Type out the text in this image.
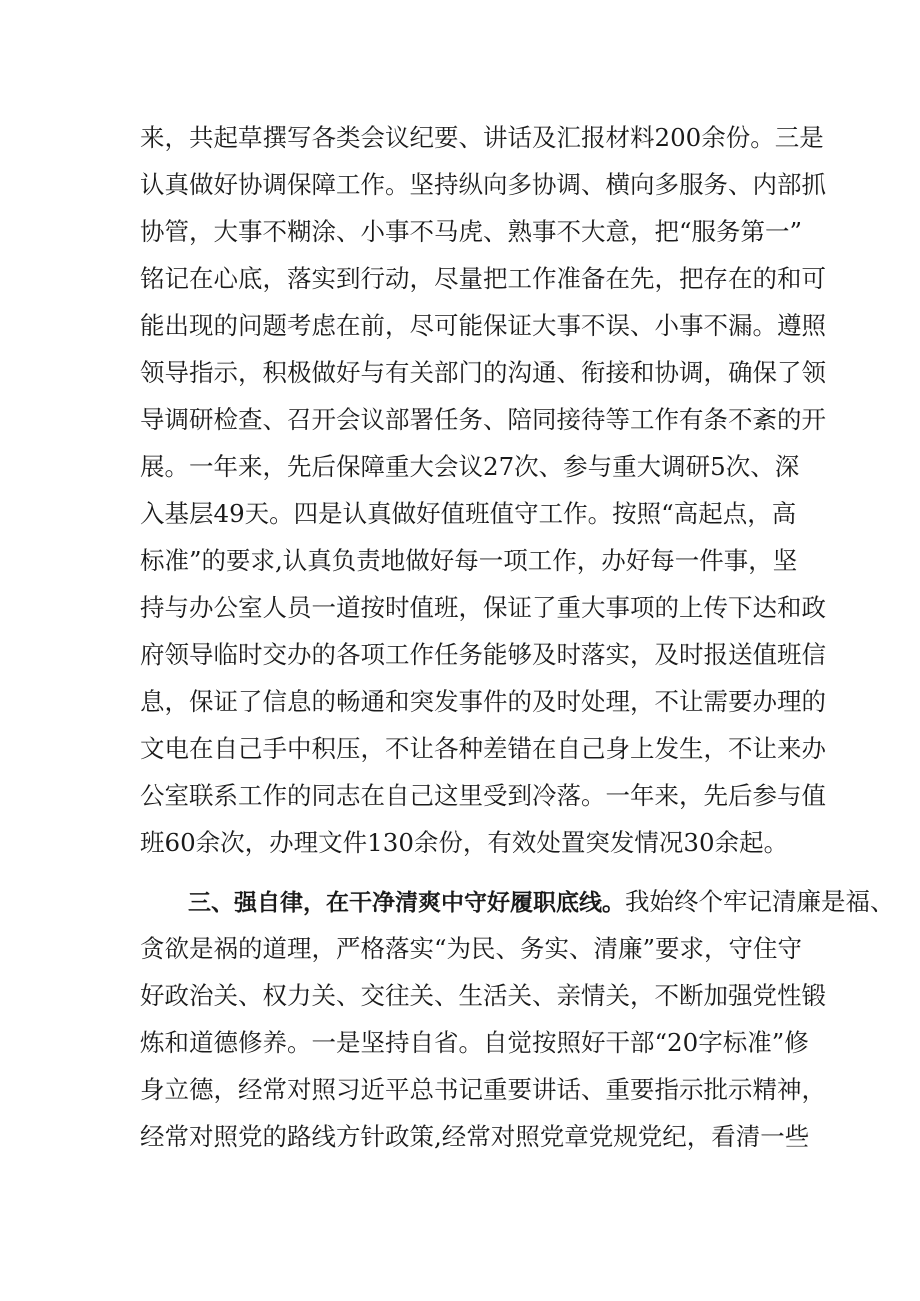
来，共起草撰写各类会议纪要、讲话及汇报材料200余份。三是

认真做好协调保障工作。坚持纵向多协调、横向多服务、内部抓

协管，大事不糊涂、小事不马虎、熟事不大意，把“服务第一”

铭记在心底，落实到行动，尽量把工作准备在先，把存在的和可

能出现的问题考虑在前，尽可能保证大事不误、小事不漏。遵照

领导指示，积极做好与有关部门的沟通、衔接和协调，确保了领

导调研检查、召开会议部署任务、陪同接待等工作有条不紊的开

展。一年来，先后保障重大会议27次、参与重大调研5次、深

入基层49天。四是认真做好值班值守工作。按照“高起点，高

标准”的要求,认真负责地做好每一项工作，办好每一件事，坚

持与办公室人员一道按时值班，保证了重大事项的上传下达和政

府领导临时交办的各项工作任务能够及时落实，及时报送值班信

息，保证了信息的畅通和突发事件的及时处理，不让需要办理的

文电在自己手中积压，不让各种差错在自己身上发生，不让来办

公室联系工作的同志在自己这里受到冷落。一年来，先后参与值

班60余次，办理文件130余份，有效处置突发情况30余起。

三、强自律，在干净清爽中守好履职底线。我始终个牢记清廉是福、

贪欲是祸的道理，严格落实“为民、务实、清廉”要求，守住守

好政治关、权力关、交往关、生活关、亲情关，不断加强党性锻

炼和道德修养。一是坚持自省。自觉按照好干部“20字标准”修

身立德，经常对照习近平总书记重要讲话、重要指示批示精神，

经常对照党的路线方针政策,经常对照党章党规党纪，看清一些
